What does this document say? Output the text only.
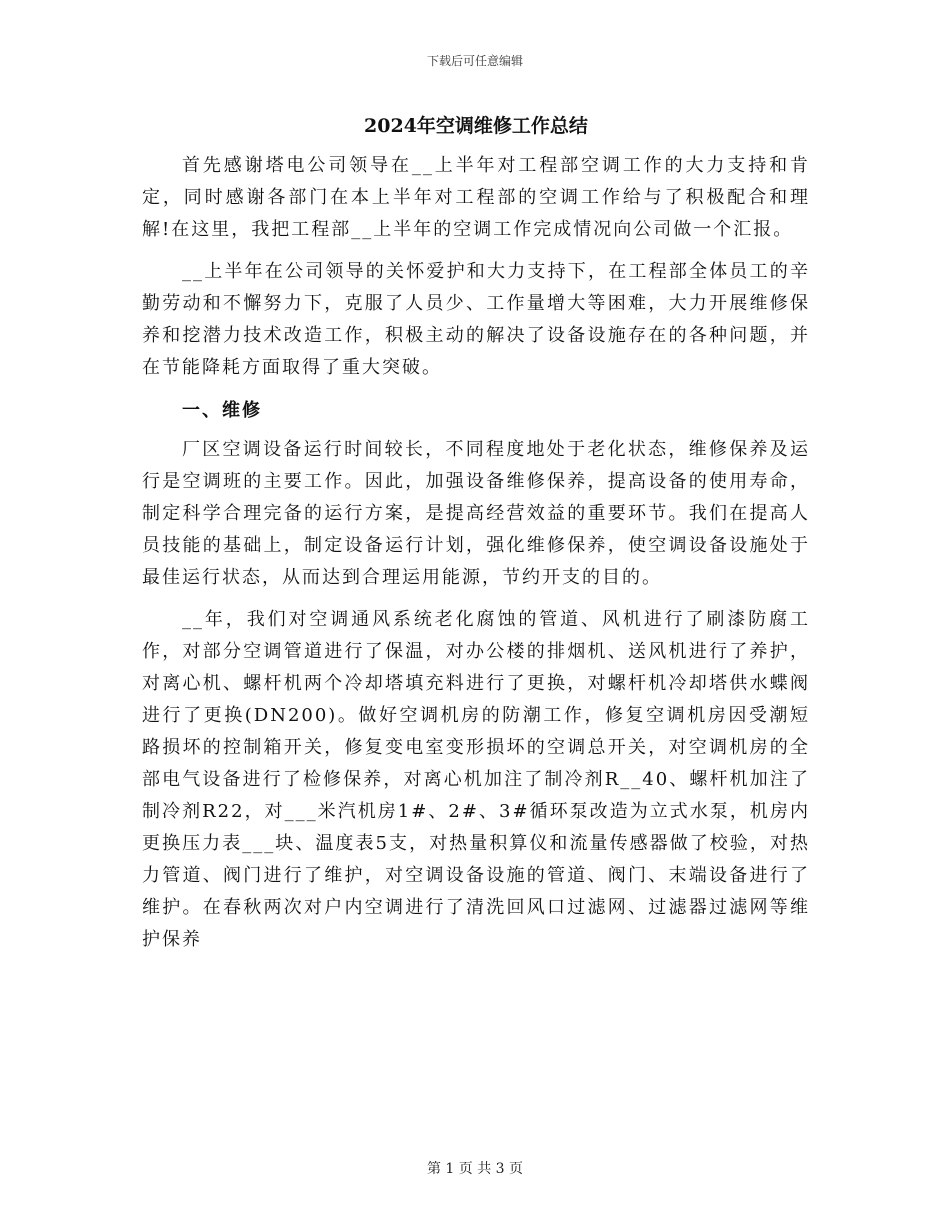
下载后可任意编辑
2024年空调维修工作总结

首先感谢塔电公司领导在__上半年对工程部空调工作的大力支持和肯定，同时感谢各部门在本上半年对工程部的空调工作给与了积极配合和理解!在这里，我把工程部__上半年的空调工作完成情况向公司做一个汇报。

__上半年在公司领导的关怀爱护和大力支持下，在工程部全体员工的辛勤劳动和不懈努力下，克服了人员少、工作量增大等困难，大力开展维修保养和挖潜力技术改造工作，积极主动的解决了设备设施存在的各种问题，并在节能降耗方面取得了重大突破。

一、维修

厂区空调设备运行时间较长，不同程度地处于老化状态，维修保养及运行是空调班的主要工作。因此，加强设备维修保养，提高设备的使用寿命，制定科学合理完备的运行方案，是提高经营效益的重要环节。我们在提高人员技能的基础上，制定设备运行计划，强化维修保养，使空调设备设施处于最佳运行状态，从而达到合理运用能源，节约开支的目的。

__年，我们对空调通风系统老化腐蚀的管道、风机进行了刷漆防腐工作，对部分空调管道进行了保温，对办公楼的排烟机、送风机进行了养护，对离心机、螺杆机两个冷却塔填充料进行了更换，对螺杆机冷却塔供水蝶阀进行了更换(DN200)。做好空调机房的防潮工作，修复空调机房因受潮短路损坏的控制箱开关，修复变电室变形损坏的空调总开关，对空调机房的全部电气设备进行了检修保养，对离心机加注了制冷剂R__40、螺杆机加注了制冷剂R22，对___米汽机房1#、2#、3#循环泵改造为立式水泵，机房内更换压力表___块、温度表5支，对热量积算仪和流量传感器做了校验，对热力管道、阀门进行了维护，对空调设备设施的管道、阀门、末端设备进行了维护。在春秋两次对户内空调进行了清洗回风口过滤网、过滤器过滤网等维护保养

第 1 页 共 3 页
